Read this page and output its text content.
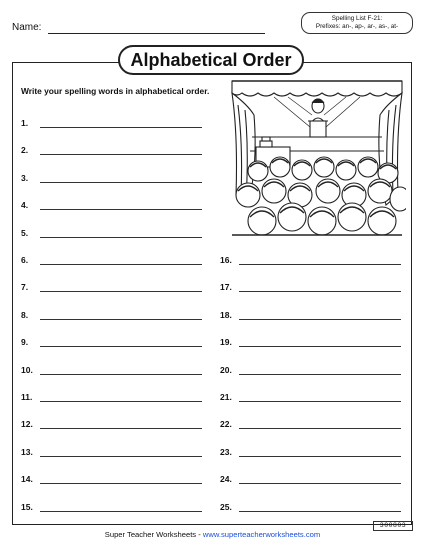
Name:
Spelling List F-21:
Prefixes: an-, ap-, ar-, as-, at-
Alphabetical Order
Write your spelling words in alphabetical order.
1.
2.
3.
4.
5.
6.
7.
8.
9.
10.
11.
12.
13.
14.
15.
16.
17.
18.
19.
20.
21.
22.
23.
24.
25.
Super Teacher Worksheets - www.superteacherworksheets.com
300803
